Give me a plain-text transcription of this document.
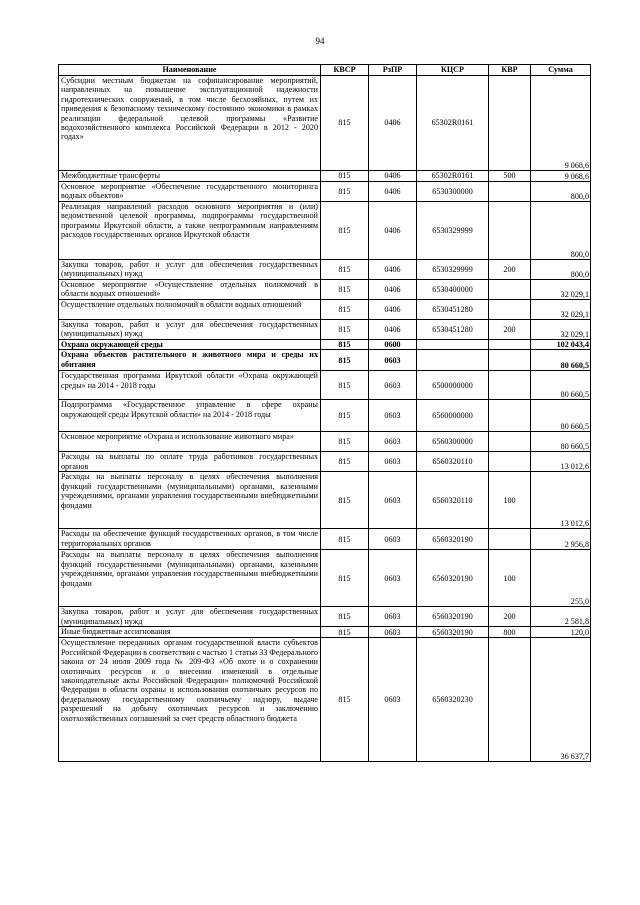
94
Наименование	КВСР	РзПР	КЦСР	КВР	Сумма
Субсидии местным бюджетам на софинансирование мероприятий, направленных на повышение эксплуатационной надежности гидротехнических сооружений, в том числе бесхозяйных, путем их приведения к безопасному техническому состоянию экономики в рамках реализации федеральной целевой программы «Развитие водохозяйственного комплекса Российской Федерации в 2012 - 2020 годах»	815	0406	65302R0161		9 068,6
Межбюджетные трансферты	815	0406	65302R0161	500	9 068,6
Основное мероприятие «Обеспечение государственного мониторинга водных объектов»	815	0406	6530300000		800,0
Реализация направлений расходов основного мероприятия и (или) ведомственной целевой программы, подпрограммы государственной программы Иркутской области, а также непрограммным направлениям расходов государственных органов Иркутской области	815	0406	6530329999		800,0
Закупка товаров, работ и услуг для обеспечения государственных (муниципальных) нужд	815	0406	6530329999	200	800,0
Основное мероприятие «Осуществление отдельных полномочий в области водных отношений»	815	0406	6530400000		32 029,1
Осуществление отдельных полномочий в области водных отношений	815	0406	6530451280		32 029,1
Закупка товаров, работ и услуг для обеспечения государственных (муниципальных) нужд	815	0406	6530451280	200	32 029,1
Охрана окружающей среды	815	0600			102 043,4
Охрана объектов растительного и животного мира и среды их обитания	815	0603			80 660,5
Государственная программа Иркутской области «Охрана окружающей среды» на 2014 - 2018 годы	815	0603	6500000000		80 660,5
Подпрограмма «Государственное управление в сфере охраны окружающей среды Иркутской области» на 2014 - 2018 годы	815	0603	6560000000		80 660,5
Основное мероприятие «Охрана и использование животного мира»	815	0603	6560300000		80 660,5
Расходы на выплаты по оплате труда работников государственных органов	815	0603	6560320110		13 012,6
Расходы на выплаты персоналу в целях обеспечения выполнения функций государственными (муниципальными) органами, казенными учреждениями, органами управления государственными внебюджетными фондами	815	0603	6560320110	100	13 012,6
Расходы на обеспечение функций государственных органов, в том числе территориальных органов	815	0603	6560320190		2 956,8
Расходы на выплаты персоналу в целях обеспечения выполнения функций государственными (муниципальными) органами, казенными учреждениями, органами управления государственными внебюджетными фондами	815	0603	6560320190	100	255,0
Закупка товаров, работ и услуг для обеспечения государственных (муниципальных) нужд	815	0603	6560320190	200	2 581,8
Иные бюджетные ассигнования	815	0603	6560320190	800	120,0
Осуществление переданных органам государственной власти субъектов Российской Федерации в соответствии с частью 1 статьи 33 Федерального закона от 24 июля 2009 года № 209-ФЗ «Об охоте и о сохранении охотничьих ресурсов и о внесении изменений в отдельные законодательные акты Российской Федерации» полномочий Российской Федерации в области охраны и использования охотничьих ресурсов по федеральному государственному охотничьему надзору, выдаче разрешений на добычу охотничьих ресурсов и заключению охотхозяйственных соглашений за счет средств областного бюджета	815	0603	6560320230		36 637,7
